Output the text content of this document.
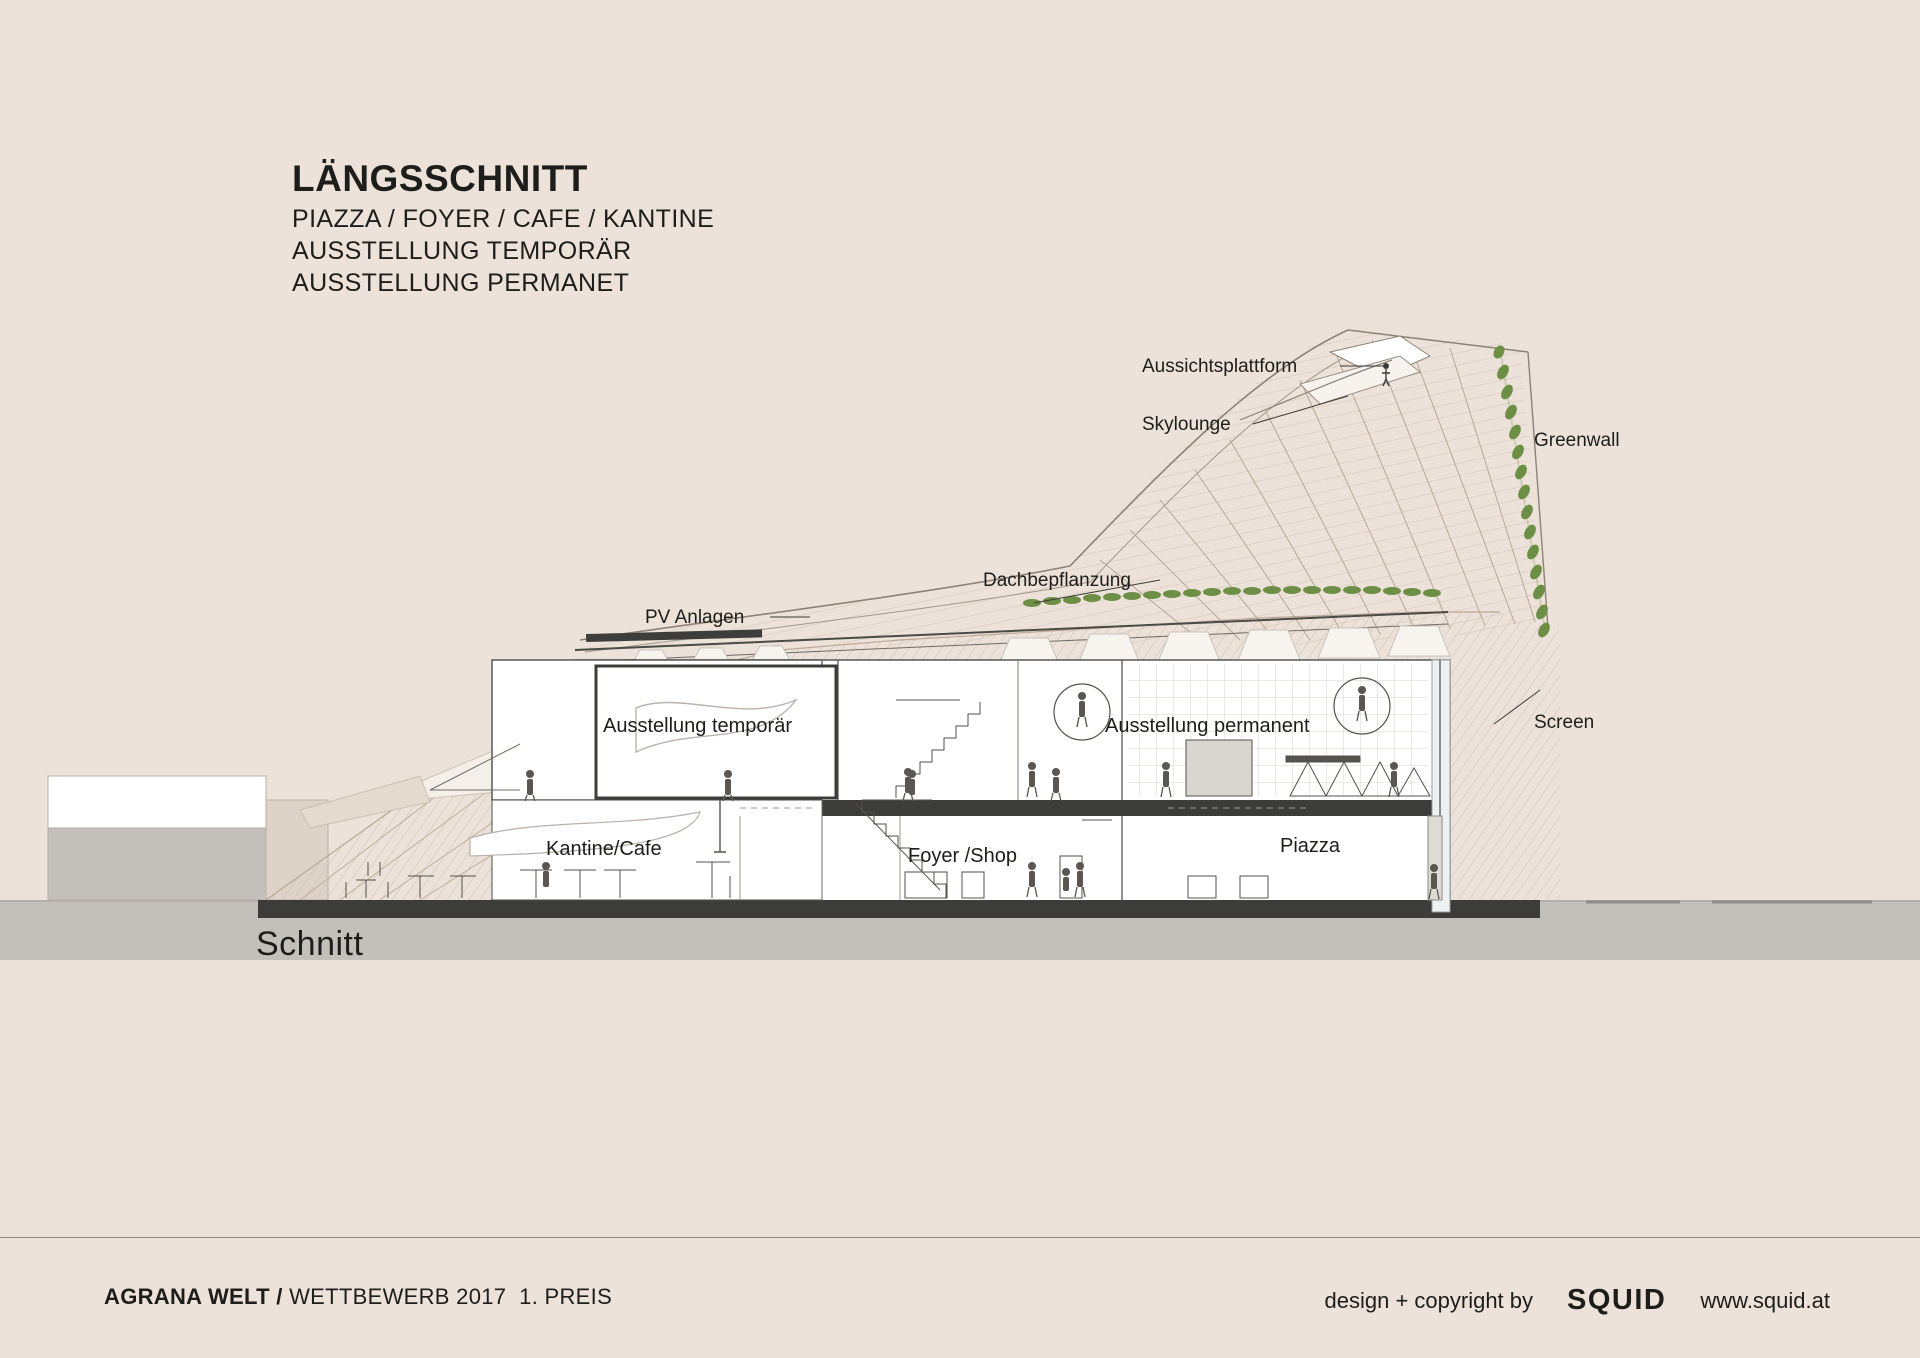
LÄNGSSCHNITT
PIAZZA / FOYER / CAFE / KANTINE
AUSSTELLUNG TEMPORÄR
AUSSTELLUNG PERMANET
Aussichtsplattform
Skylounge
Greenwall
Dachbepflanzung
PV Anlagen
Screen
Ausstellung temporär	Ausstellung permanent
Kantine/Cafe	Foyer /Shop	Piazza
Schnitt
AGRANA WELT / WETTBEWERB 2017 1. PREIS	design + copyright by SQUID www.squid.at
